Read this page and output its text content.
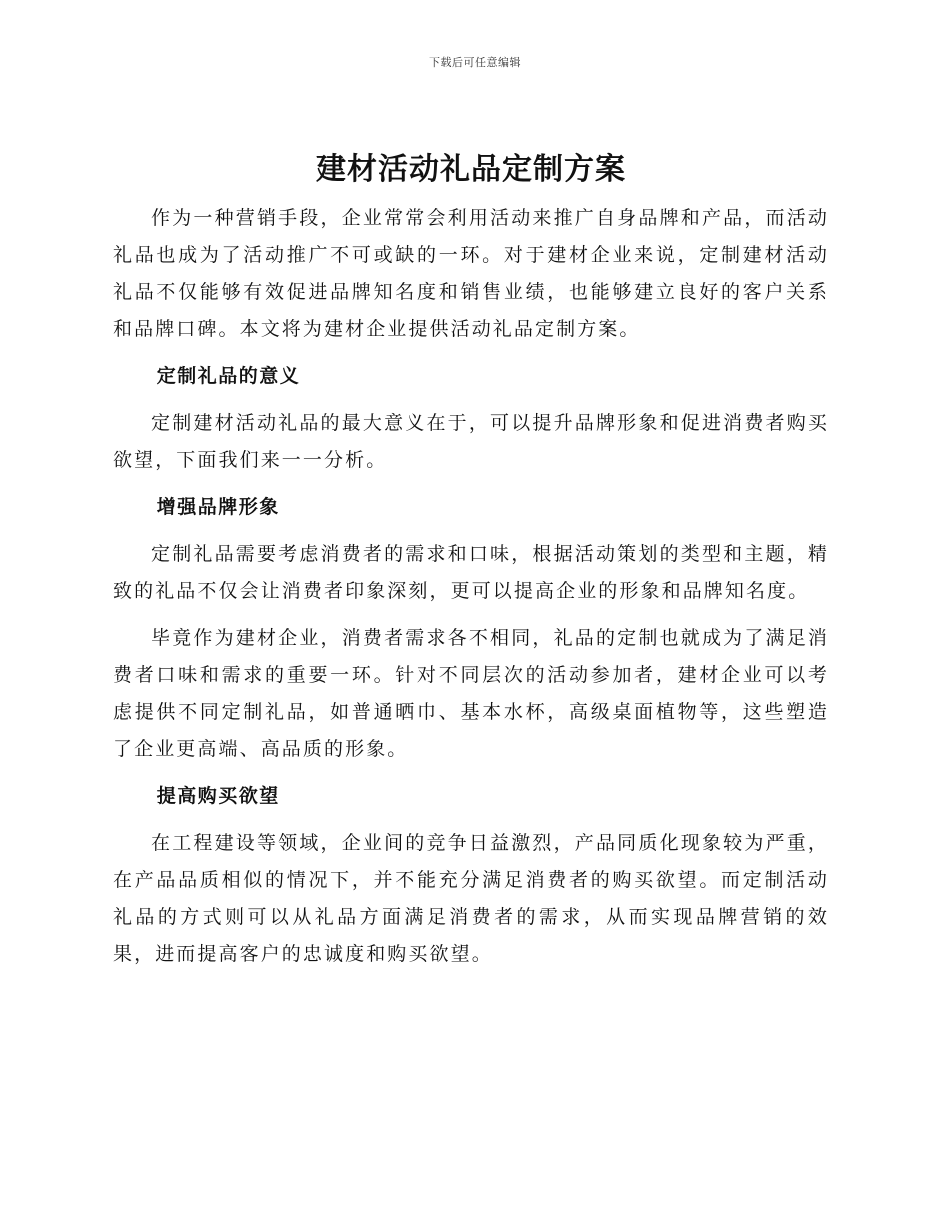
下载后可任意编辑
建材活动礼品定制方案

作为一种营销手段，企业常常会利用活动来推广自身品牌和产品，而活动礼品也成为了活动推广不可或缺的一环。对于建材企业来说，定制建材活动礼品不仅能够有效促进品牌知名度和销售业绩，也能够建立良好的客户关系和品牌口碑。本文将为建材企业提供活动礼品定制方案。

定制礼品的意义

定制建材活动礼品的最大意义在于，可以提升品牌形象和促进消费者购买欲望，下面我们来一一分析。

增强品牌形象

定制礼品需要考虑消费者的需求和口味，根据活动策划的类型和主题，精致的礼品不仅会让消费者印象深刻，更可以提高企业的形象和品牌知名度。

毕竟作为建材企业，消费者需求各不相同，礼品的定制也就成为了满足消费者口味和需求的重要一环。针对不同层次的活动参加者，建材企业可以考虑提供不同定制礼品，如普通晒巾、基本水杯，高级桌面植物等，这些塑造了企业更高端、高品质的形象。

提高购买欲望

在工程建设等领域，企业间的竞争日益激烈，产品同质化现象较为严重，在产品品质相似的情况下，并不能充分满足消费者的购买欲望。而定制活动礼品的方式则可以从礼品方面满足消费者的需求，从而实现品牌营销的效果，进而提高客户的忠诚度和购买欲望。
